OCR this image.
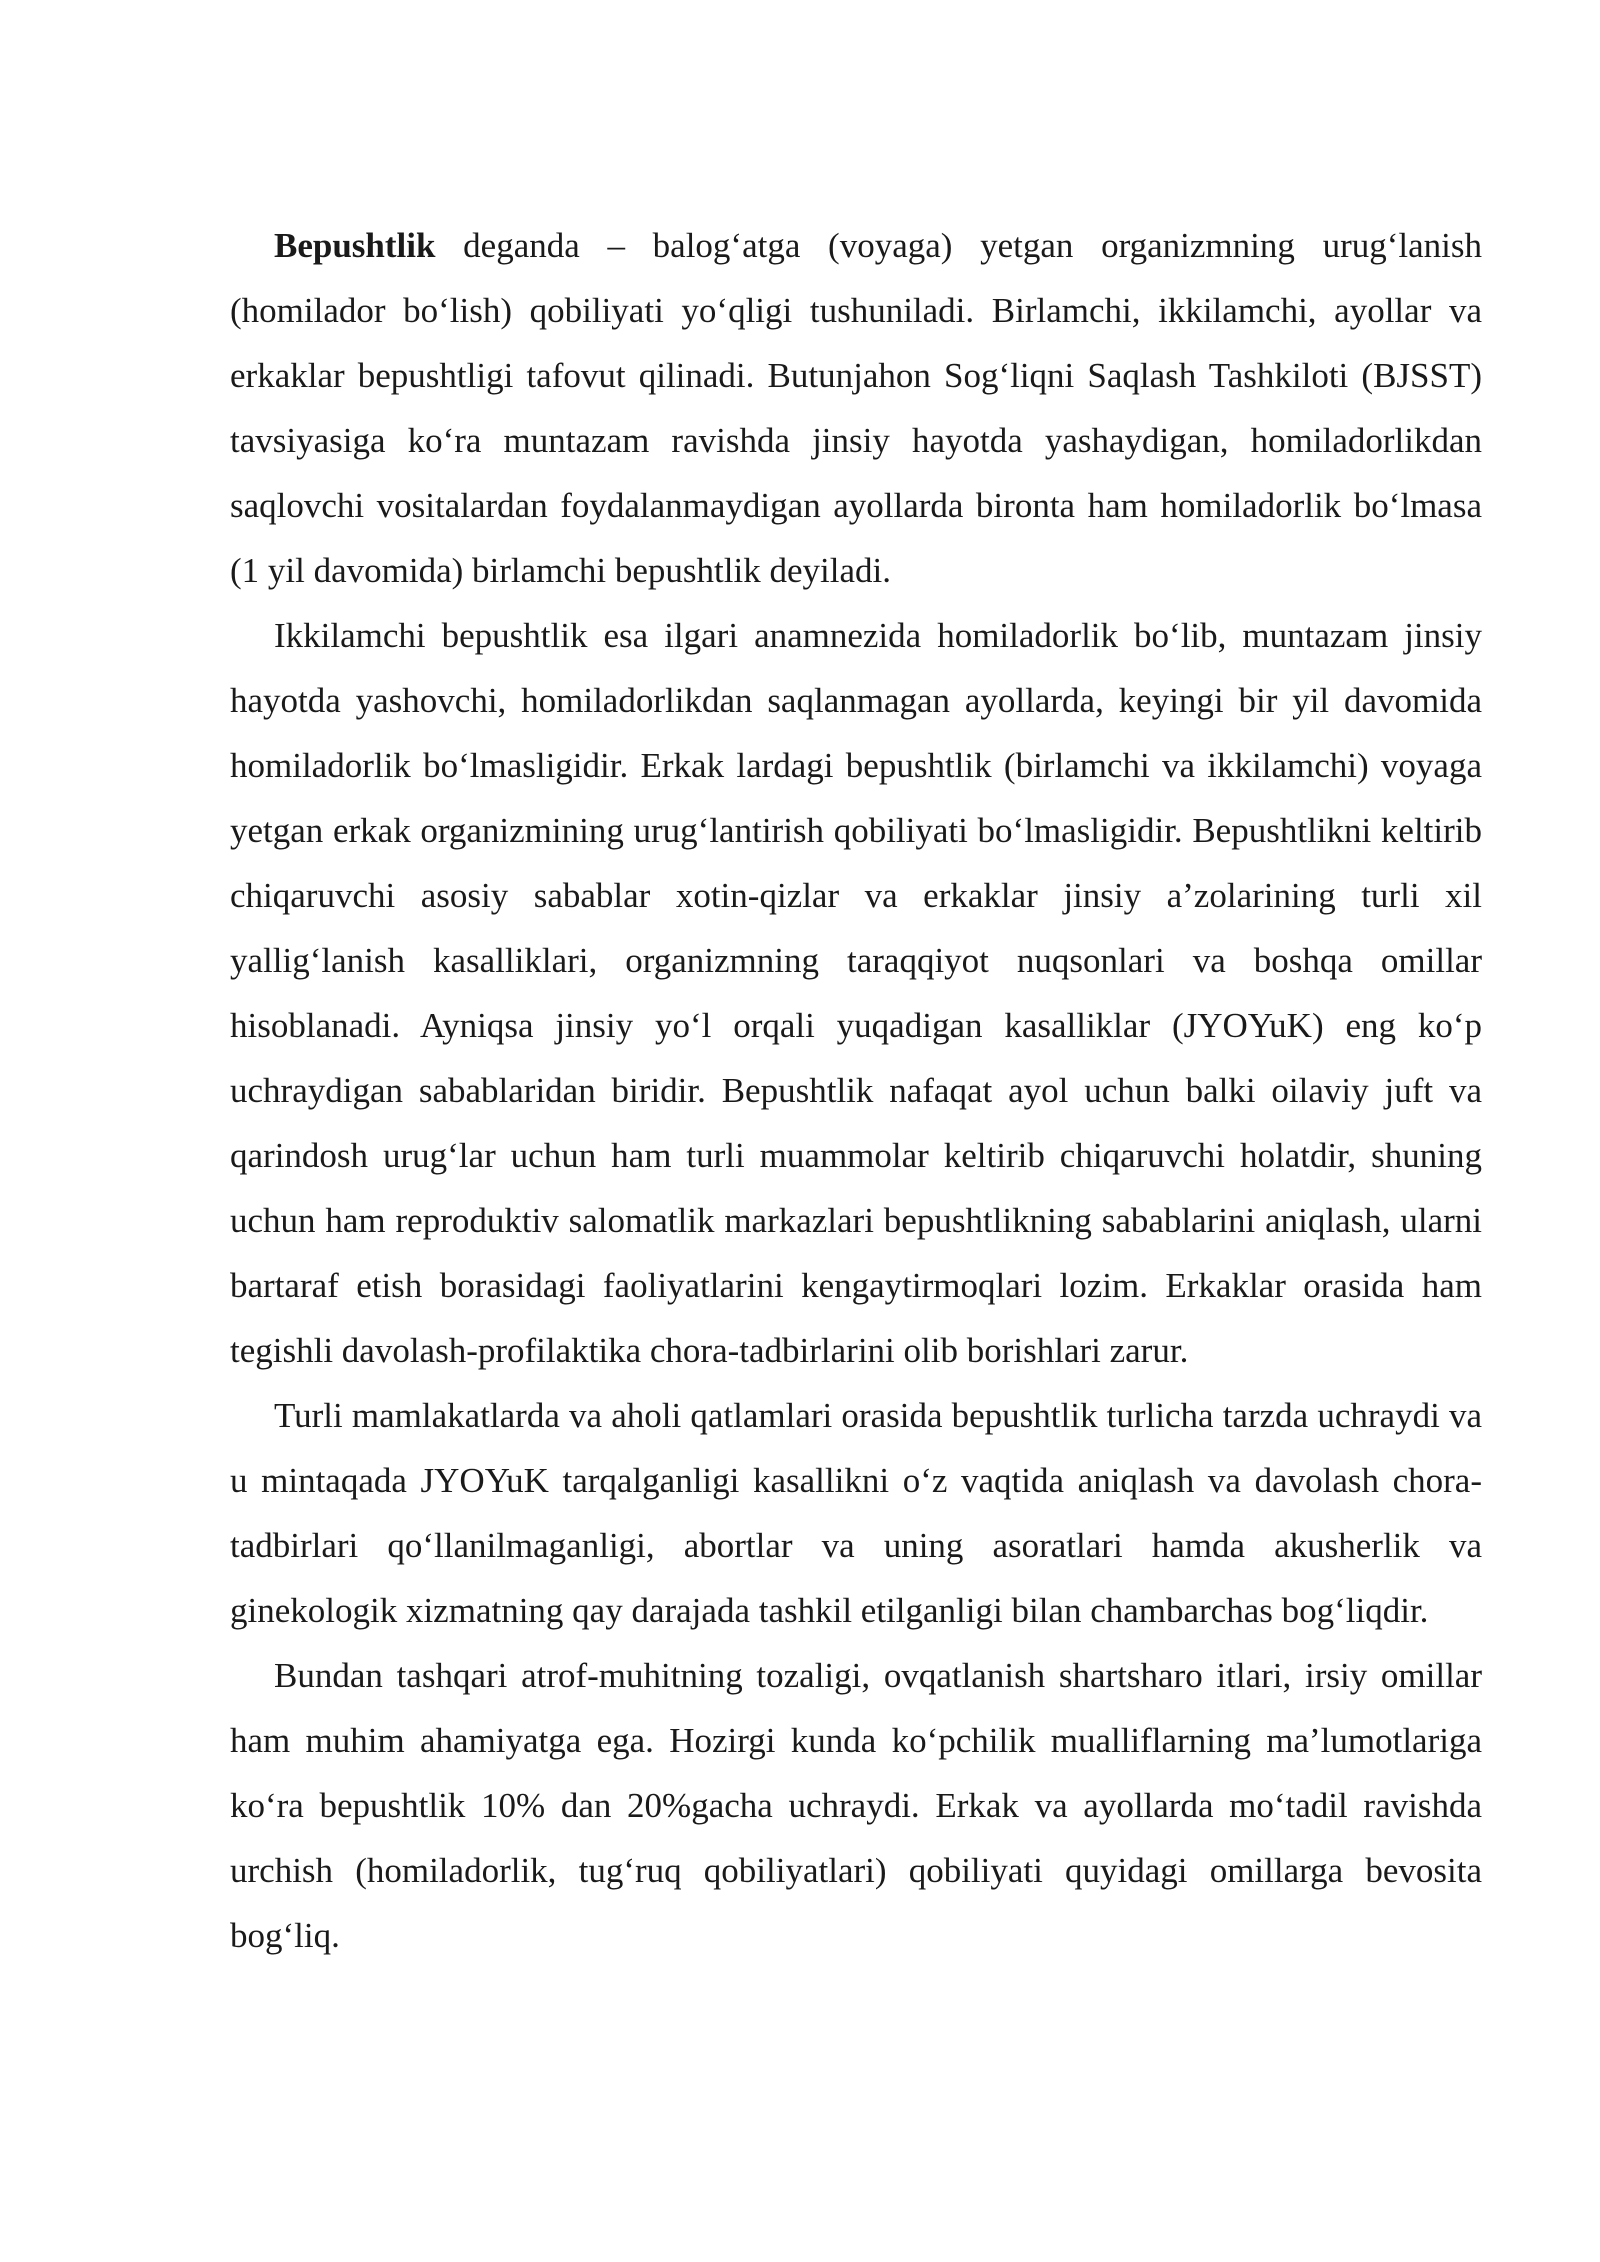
Bepushtlik deganda – balog‘atga (voyaga) yetgan organizmning urug‘lanish (homilador bo‘lish) qobiliyati yo‘qligi tushuniladi. Birlamchi, ikkilamchi, ayollar va erkaklar bepushtligi tafovut qilinadi. Butunjahon Sog‘liqni Saqlash Tashkiloti (BJSST) tavsiyasiga ko‘ra muntazam ravishda jinsiy hayotda yashaydigan, homiladorlikdan saqlovchi vositalardan foydalanmaydigan ayollarda bironta ham homiladorlik bo‘lmasa (1 yil davomida) birlamchi bepushtlik deyiladi.

Ikkilamchi bepushtlik esa ilgari anamnezida homiladorlik bo‘lib, muntazam jinsiy hayotda yashovchi, homiladorlikdan saqlanmagan ayollarda, keyingi bir yil davomida homiladorlik bo‘lmasligidir. Erkak lardagi bepushtlik (birlamchi va ikkilamchi) voyaga yetgan erkak organizmining urug‘lantirish qobiliyati bo‘lmasligidir. Bepushtlikni keltirib chiqaruvchi asosiy sabablar xotin-qizlar va erkaklar jinsiy a’zolarining turli xil yallig‘lanish kasalliklari, organizmning taraqqiyot nuqsonlari va boshqa omillar hisoblanadi. Ayniqsa jinsiy yo‘l orqali yuqadigan kasalliklar (JYOYuK) eng ko‘p uchraydigan sabablaridan biridir. Bepushtlik nafaqat ayol uchun balki oilaviy juft va qarindosh urug‘lar uchun ham turli muammolar keltirib chiqaruvchi holatdir, shuning uchun ham reproduktiv salomatlik markazlari bepushtlikning sabablarini aniqlash, ularni bartaraf etish borasidagi faoliyatlarini kengaytirmoqlari lozim. Erkaklar orasida ham tegishli davolash-profilaktika chora-tadbirlarini olib borishlari zarur.

Turli mamlakatlarda va aholi qatlamlari orasida bepushtlik turlicha tarzda uchraydi va u mintaqada JYOYuK tarqalganligi kasallikni o‘z vaqtida aniqlash va davolash chora-tadbirlari qo‘llanilmaganligi, abortlar va uning asoratlari hamda akusherlik va ginekologik xizmatning qay darajada tashkil etilganligi bilan chambarchas bog‘liqdir.

Bundan tashqari atrof-muhitning tozaligi, ovqatlanish shartsharo itlari, irsiy omillar ham muhim ahamiyatga ega. Hozirgi kunda ko‘pchilik mualliflarning ma’lumotlariga ko‘ra bepushtlik 10% dan 20%gacha uchraydi. Erkak va ayollarda mo‘tadil ravishda urchish (homiladorlik, tug‘ruq qobiliyatlari) qobiliyati quyidagi omillarga bevosita bog‘liq.
